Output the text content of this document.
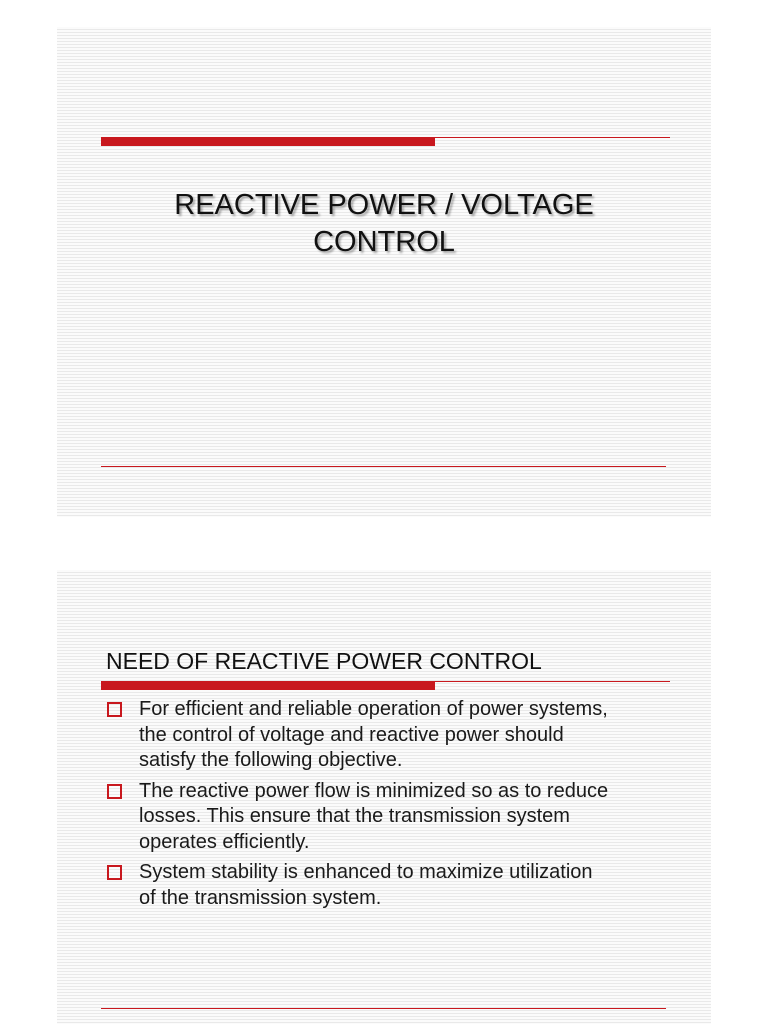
REACTIVE POWER / VOLTAGE
CONTROL
NEED OF REACTIVE POWER CONTROL
For efficient and reliable operation of power systems,
the control of voltage and reactive power should
satisfy the following objective.
The reactive power flow is minimized so as to reduce
losses. This ensure that the transmission system
operates efficiently.
System stability is enhanced to maximize utilization
of the transmission system.
